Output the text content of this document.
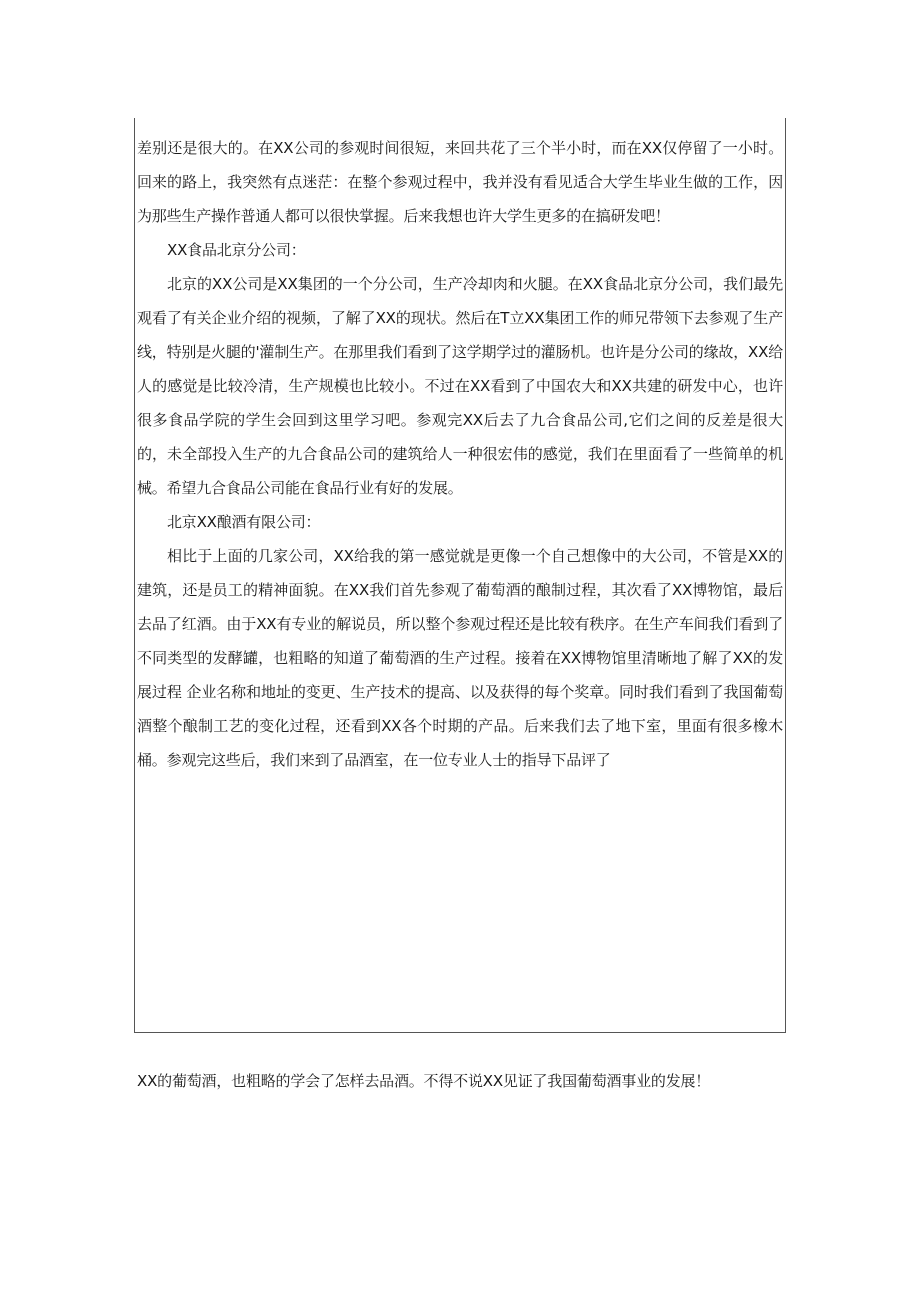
差别还是很大的。在XX公司的参观时间很短，来回共花了三个半小时，而在XX仅停留了一小时。回来的路上，我突然有点迷茫：在整个参观过程中，我并没有看见适合大学生毕业生做的工作，因为那些生产操作普通人都可以很快掌握。后来我想也许大学生更多的在搞研发吧！

XX食品北京分公司：

北京的XX公司是XX集团的一个分公司，生产冷却肉和火腿。在XX食品北京分公司，我们最先观看了有关企业介绍的视频，了解了XX的现状。然后在T立XX集团工作的师兄带领下去参观了生产线，特别是火腿的'灌制生产。在那里我们看到了这学期学过的灌肠机。也许是分公司的缘故，XX给人的感觉是比较冷清，生产规模也比较小。不过在XX看到了中国农大和XX共建的研发中心，也许很多食品学院的学生会回到这里学习吧。参观完XX后去了九合食品公司,它们之间的反差是很大的，未全部投入生产的九合食品公司的建筑给人一种很宏伟的感觉，我们在里面看了一些简单的机械。希望九合食品公司能在食品行业有好的发展。

北京XX酿酒有限公司：

相比于上面的几家公司，XX给我的第一感觉就是更像一个自己想像中的大公司，不管是XX的建筑，还是员工的精神面貌。在XX我们首先参观了葡萄酒的酿制过程，其次看了XX博物馆，最后去品了红酒。由于XX有专业的解说员，所以整个参观过程还是比较有秩序。在生产车间我们看到了不同类型的发酵罐，也粗略的知道了葡萄酒的生产过程。接着在XX博物馆里清晰地了解了XX的发展过程 企业名称和地址的变更、生产技术的提高、以及获得的每个奖章。同时我们看到了我国葡萄酒整个酿制工艺的变化过程，还看到XX各个时期的产品。后来我们去了地下室，里面有很多橡木桶。参观完这些后，我们来到了品酒室，在一位专业人士的指导下品评了

XX的葡萄酒，也粗略的学会了怎样去品酒。不得不说XX见证了我国葡萄酒事业的发展！
